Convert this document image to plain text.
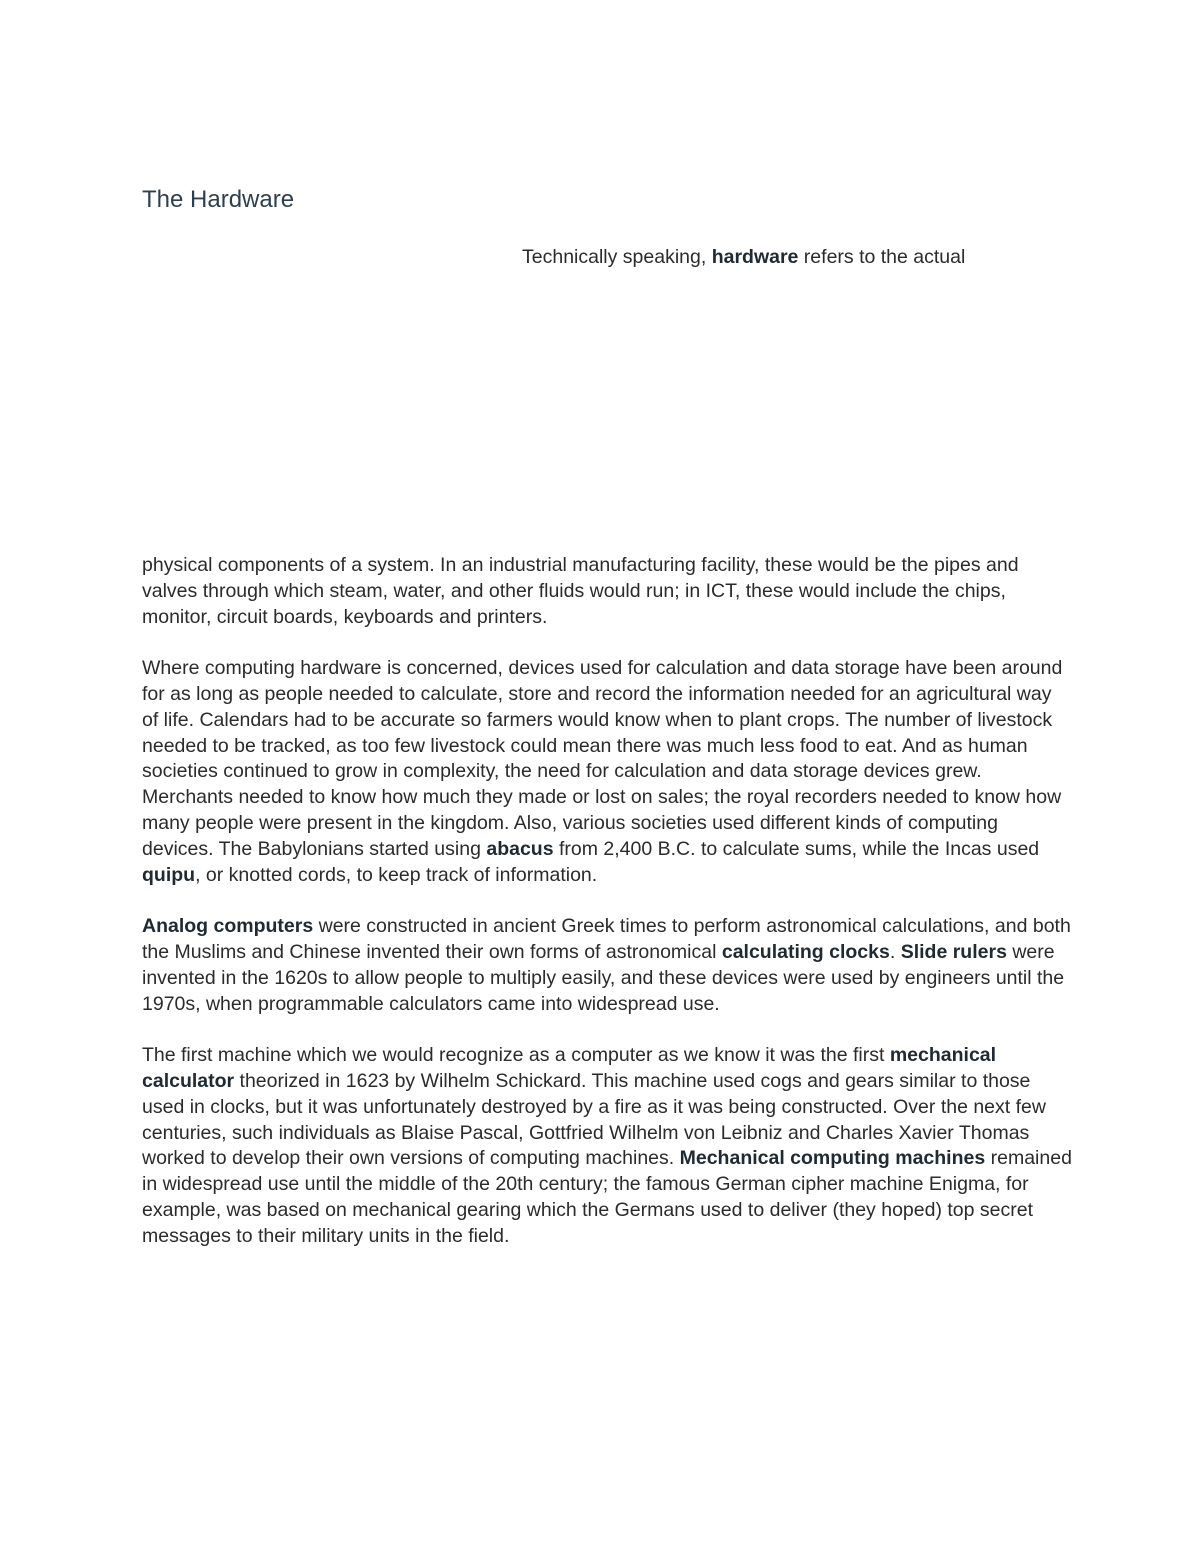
The Hardware
Technically speaking, hardware refers to the actual

physical components of a system. In an industrial manufacturing facility, these would be the pipes and valves through which steam, water, and other fluids would run; in ICT, these would include the chips, monitor, circuit boards, keyboards and printers.

Where computing hardware is concerned, devices used for calculation and data storage have been around for as long as people needed to calculate, store and record the information needed for an agricultural way of life. Calendars had to be accurate so farmers would know when to plant crops. The number of livestock needed to be tracked, as too few livestock could mean there was much less food to eat. And as human societies continued to grow in complexity, the need for calculation and data storage devices grew. Merchants needed to know how much they made or lost on sales; the royal recorders needed to know how many people were present in the kingdom. Also, various societies used different kinds of computing devices. The Babylonians started using abacus from 2,400 B.C. to calculate sums, while the Incas used quipu, or knotted cords, to keep track of information.

Analog computers were constructed in ancient Greek times to perform astronomical calculations, and both the Muslims and Chinese invented their own forms of astronomical calculating clocks. Slide rulers were invented in the 1620s to allow people to multiply easily, and these devices were used by engineers until the 1970s, when programmable calculators came into widespread use.

The first machine which we would recognize as a computer as we know it was the first mechanical calculator theorized in 1623 by Wilhelm Schickard. This machine used cogs and gears similar to those used in clocks, but it was unfortunately destroyed by a fire as it was being constructed. Over the next few centuries, such individuals as Blaise Pascal, Gottfried Wilhelm von Leibniz and Charles Xavier Thomas worked to develop their own versions of computing machines. Mechanical computing machines remained in widespread use until the middle of the 20th century; the famous German cipher machine Enigma, for example, was based on mechanical gearing which the Germans used to deliver (they hoped) top secret messages to their military units in the field.
